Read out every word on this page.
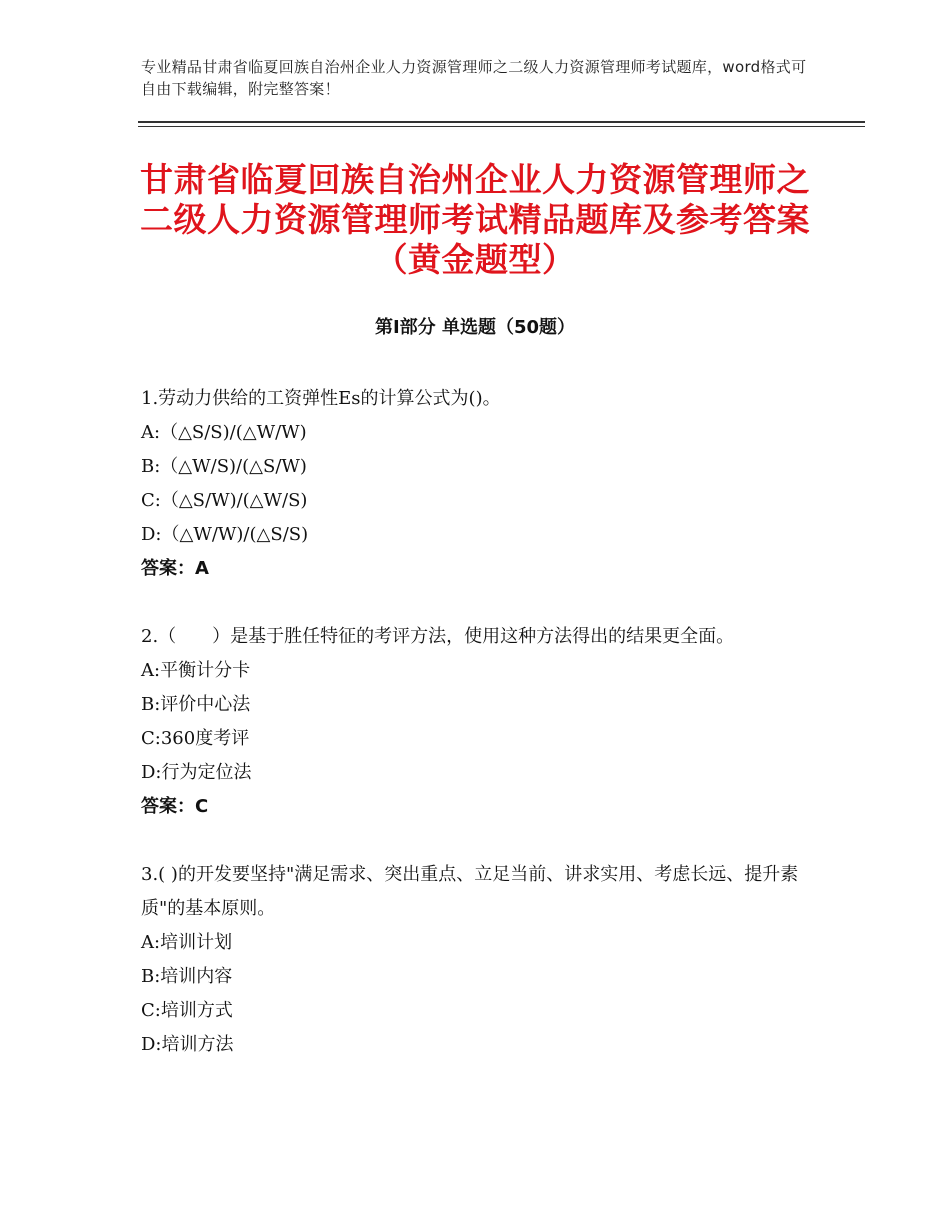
专业精品甘肃省临夏回族自治州企业人力资源管理师之二级人力资源管理师考试题库，word格式可自由下载编辑，附完整答案！
甘肃省临夏回族自治州企业人力资源管理师之二级人力资源管理师考试精品题库及参考答案（黄金题型）
第Ⅰ部分 单选题（50题）

1.劳动力供给的工资弹性Es的计算公式为()。

A:（△S/S)/(△W/W)

B:（△W/S)/(△S/W)

C:（△S/W)/(△W/S)

D:（△W/W)/(△S/S)

答案：A

2.（　　）是基于胜任特征的考评方法，使用这种方法得出的结果更全面。

A:平衡计分卡

B:评价中心法

C:360度考评

D:行为定位法

答案：C

3.( )的开发要坚持"满足需求、突出重点、立足当前、讲求实用、考虑长远、提升素质"的基本原则。

A:培训计划

B:培训内容

C:培训方式

D:培训方法
